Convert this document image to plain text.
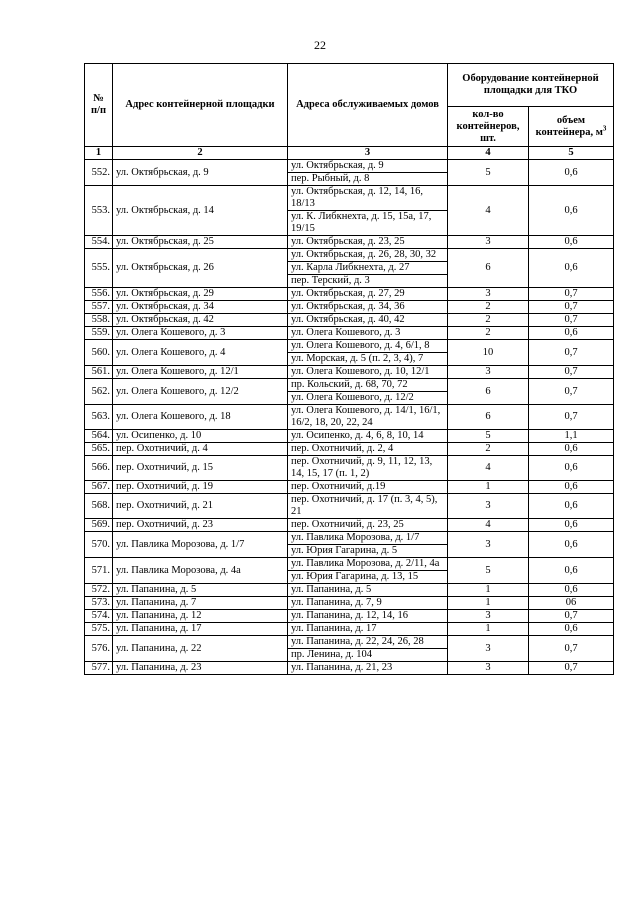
22
№ п/п	Адрес контейнерной площадки	Адреса обслуживаемых домов	Оборудование контейнерной площадки для ТКО	
			кол-во контейнеров, шт.	объем контейнера, $м^3$
1	2	3	4	5
552.	ул. Октябрьская, д. 9	ул. Октябрьская, д. 9	5	0,6
		пер. Рыбный, д. 8		
553.	ул. Октябрьская, д. 14	ул. Октябрьская, д. 12, 14, 16, 18/13	4	0,6
		ул. К. Либкнехта, д. 15, 15а, 17, 19/15		
554.	ул. Октябрьская, д. 25	ул. Октябрьская, д. 23, 25	3	0,6
555.	ул. Октябрьская, д. 26	ул. Октябрьская, д. 26, 28, 30, 32	6	0,6
		ул. Карла Либкнехта, д. 27		
		пер. Терский, д. 3		
556.	ул. Октябрьская, д. 29	ул. Октябрьская, д. 27, 29	3	0,7
557.	ул. Октябрьская, д. 34	ул. Октябрьская, д. 34, 36	2	0,7
558.	ул. Октябрьская, д. 42	ул. Октябрьская, д. 40, 42	2	0,7
559.	ул. Олега Кошевого, д. 3	ул. Олега Кошевого, д. 3	2	0,6
560.	ул. Олега Кошевого, д. 4	ул. Олега Кошевого, д. 4, 6/1, 8	10	0,7
		ул. Морская, д. 5 (п. 2, 3, 4), 7		
561.	ул. Олега Кошевого, д. 12/1	ул. Олега Кошевого, д. 10, 12/1	3	0,7
562.	ул. Олега Кошевого, д. 12/2	пр. Кольский, д. 68, 70, 72	6	0,7
		ул. Олега Кошевого, д. 12/2		
563.	ул. Олега Кошевого, д. 18	ул. Олега Кошевого, д. 14/1, 16/1, 16/2, 18, 20, 22, 24	6	0,7
564.	ул. Осипенко, д. 10	ул. Осипенко, д. 4, 6, 8, 10, 14	5	1,1
565.	пер. Охотничий, д. 4	пер. Охотничий, д. 2, 4	2	0,6
566.	пер. Охотничий, д. 15	пер. Охотничий, д. 9, 11, 12, 13, 14, 15, 17 (п. 1, 2)	4	0,6
567.	пер. Охотничий, д. 19	пер. Охотничий, д.19	1	0,6
568.	пер. Охотничий, д. 21	пер. Охотничий, д. 17 (п. 3, 4, 5), 21	3	0,6
569.	пер. Охотничий, д. 23	пер. Охотничий, д. 23, 25	4	0,6
570.	ул. Павлика Морозова, д. 1/7	ул. Павлика Морозова, д. 1/7	3	0,6
		ул. Юрия Гагарина, д. 5		
571.	ул. Павлика Морозова, д. 4а	ул. Павлика Морозова, д. 2/11, 4а	5	0,6
		ул. Юрия Гагарина, д. 13, 15		
572.	ул. Папанина, д. 5	ул. Папанина, д. 5	1	0,6
573.	ул. Папанина, д. 7	ул. Папанина, д. 7, 9	1	06
574.	ул. Папанина, д. 12	ул. Папанина, д. 12, 14, 16	3	0,7
575.	ул. Папанина, д. 17	ул. Папанина, д. 17	1	0,6
576.	ул. Папанина, д. 22	ул. Папанина, д. 22, 24, 26, 28	3	0,7
		пр. Ленина, д. 104		
577.	ул. Папанина, д. 23	ул. Папанина, д. 21, 23	3	0,7
